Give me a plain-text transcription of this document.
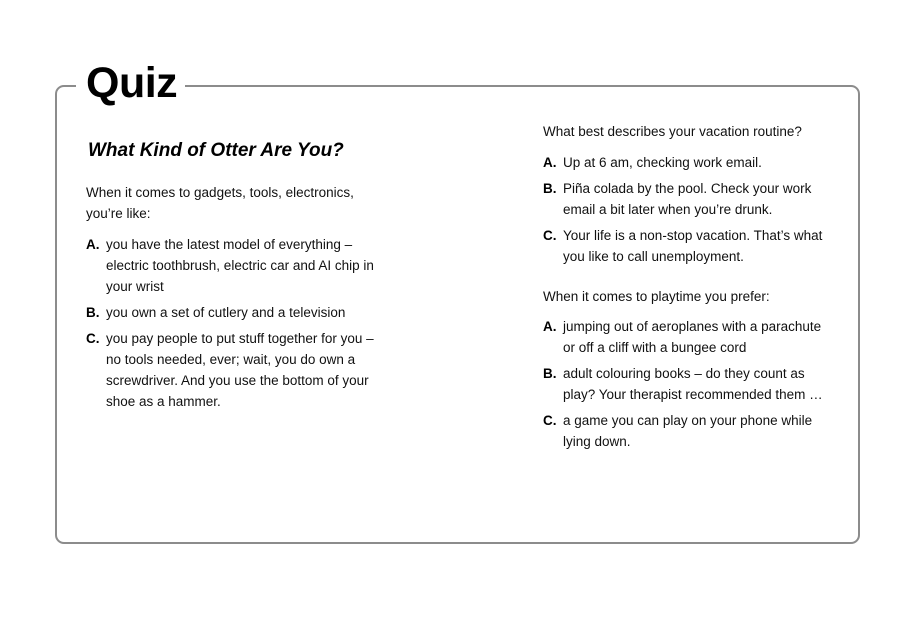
Quiz
What Kind of Otter Are You?

When it comes to gadgets, tools, electronics, you’re like:

A. you have the latest model of everything – electric toothbrush, electric car and AI chip in your wrist
B. you own a set of cutlery and a television
C. you pay people to put stuff together for you – no tools needed, ever; wait, you do own a screwdriver. And you use the bottom of your shoe as a hammer.

What best describes your vacation routine?

A. Up at 6 am, checking work email.
B. Piña colada by the pool. Check your work email a bit later when you’re drunk.
C. Your life is a non-stop vacation. That’s what you like to call unemployment.

When it comes to playtime you prefer:

A. jumping out of aeroplanes with a parachute or off a cliff with a bungee cord
B. adult colouring books – do they count as play? Your therapist recommended them …
C. a game you can play on your phone while lying down.
